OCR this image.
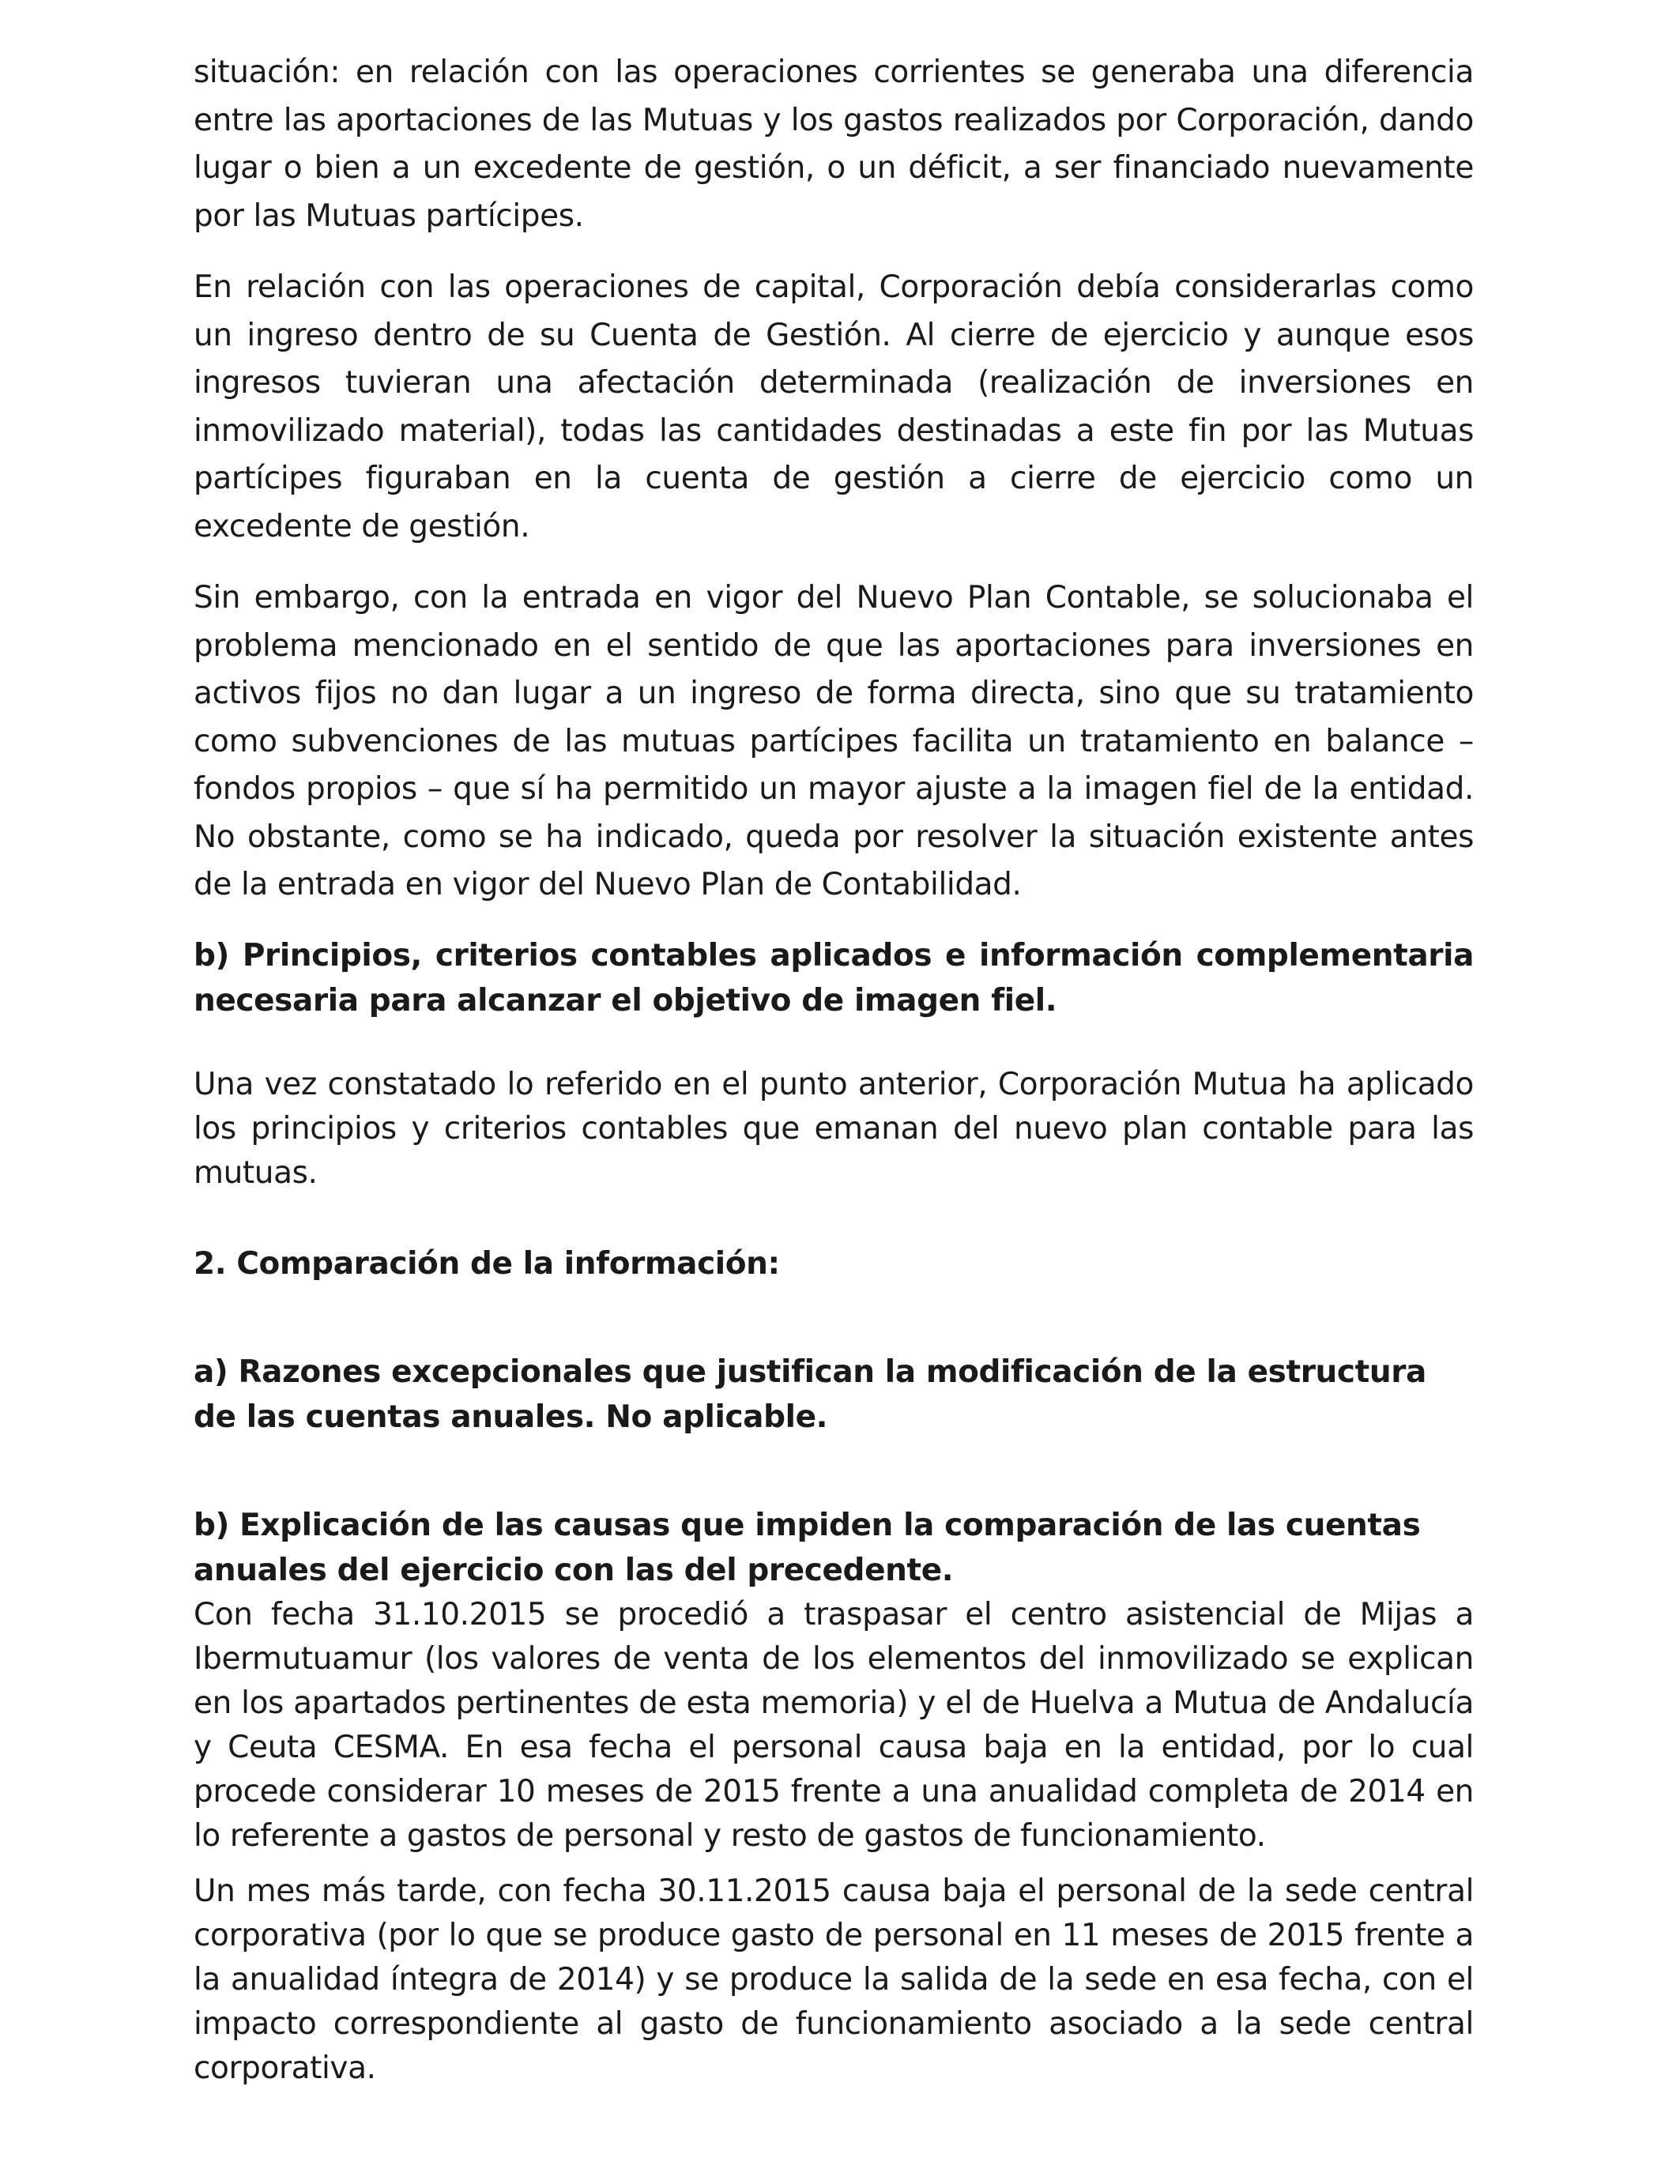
situación: en relación con las operaciones corrientes se generaba una diferencia entre las aportaciones de las Mutuas y los gastos realizados por Corporación, dando lugar o bien a un excedente de gestión, o un déficit, a ser financiado nuevamente por las Mutuas partícipes.

En relación con las operaciones de capital, Corporación debía considerarlas como un ingreso dentro de su Cuenta de Gestión. Al cierre de ejercicio y aunque esos ingresos tuvieran una afectación determinada (realización de inversiones en inmovilizado material), todas las cantidades destinadas a este fin por las Mutuas partícipes figuraban en la cuenta de gestión a cierre de ejercicio como un excedente de gestión.

Sin embargo, con la entrada en vigor del Nuevo Plan Contable, se solucionaba el problema mencionado en el sentido de que las aportaciones para inversiones en activos fijos no dan lugar a un ingreso de forma directa, sino que su tratamiento como subvenciones de las mutuas partícipes facilita un tratamiento en balance – fondos propios – que sí ha permitido un mayor ajuste a la imagen fiel de la entidad. No obstante, como se ha indicado, queda por resolver la situación existente antes de la entrada en vigor del Nuevo Plan de Contabilidad.

b) Principios, criterios contables aplicados e información complementaria necesaria para alcanzar el objetivo de imagen fiel.

Una vez constatado lo referido en el punto anterior, Corporación Mutua ha aplicado los principios y criterios contables que emanan del nuevo plan contable para las mutuas.

2. Comparación de la información:

a) Razones excepcionales que justifican la modificación de la estructura de las cuentas anuales. No aplicable.

b) Explicación de las causas que impiden la comparación de las cuentas anuales del ejercicio con las del precedente.

Con fecha 31.10.2015 se procedió a traspasar el centro asistencial de Mijas a Ibermutuamur (los valores de venta de los elementos del inmovilizado se explican en los apartados pertinentes de esta memoria) y el de Huelva a Mutua de Andalucía y Ceuta CESMA. En esa fecha el personal causa baja en la entidad, por lo cual procede considerar 10 meses de 2015 frente a una anualidad completa de 2014 en lo referente a gastos de personal y resto de gastos de funcionamiento.

Un mes más tarde, con fecha 30.11.2015 causa baja el personal de la sede central corporativa (por lo que se produce gasto de personal en 11 meses de 2015 frente a la anualidad íntegra de 2014) y se produce la salida de la sede en esa fecha, con el impacto correspondiente al gasto de funcionamiento asociado a la sede central corporativa.
